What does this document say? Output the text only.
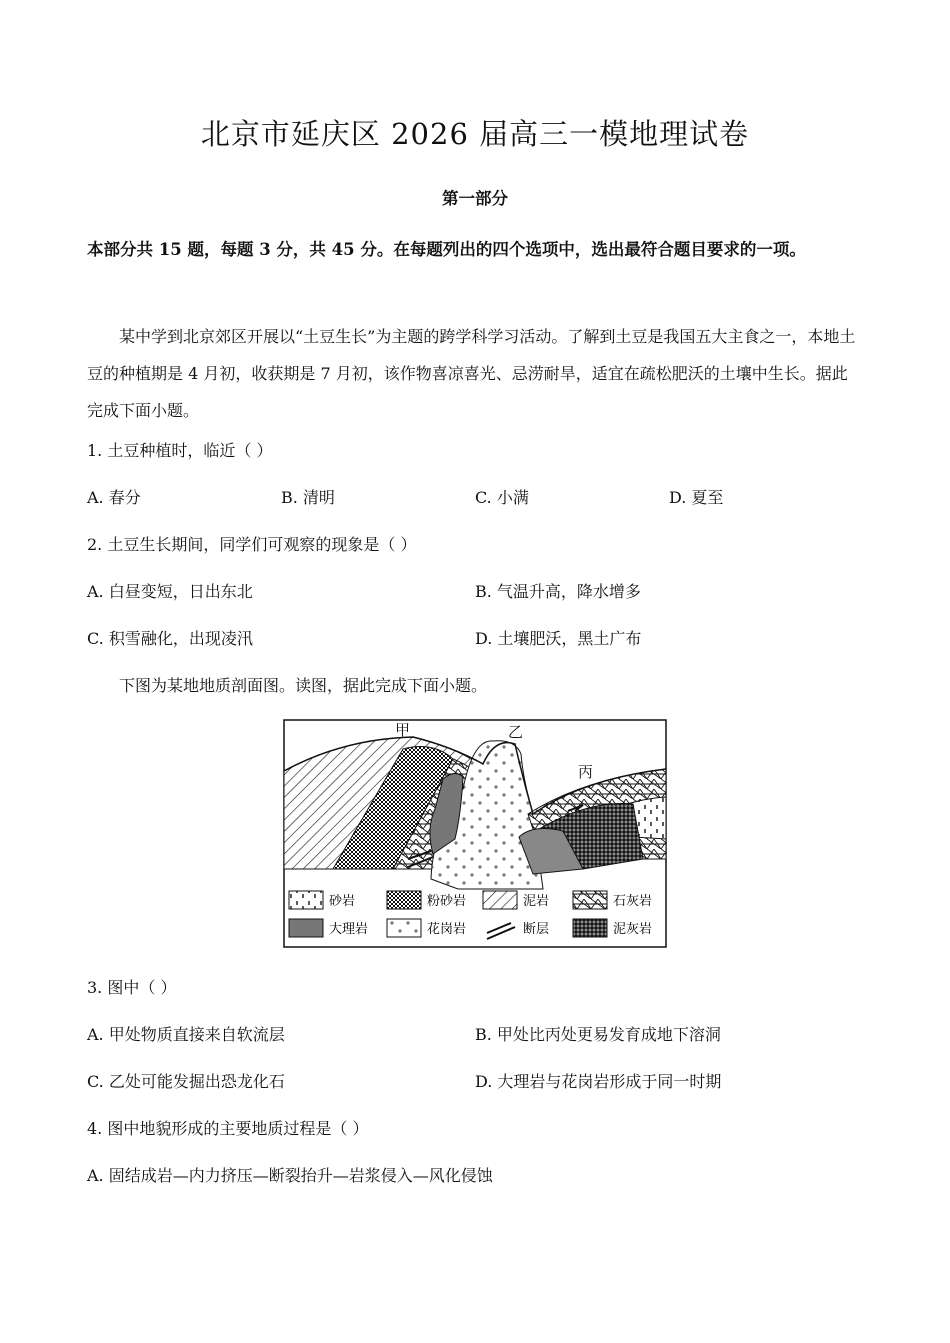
北京市延庆区 2026 届高三一模地理试卷
第一部分
本部分共 15 题，每题 3 分，共 45 分。在每题列出的四个选项中，选出最符合题目要求的一项。
某中学到北京郊区开展以“土豆生长”为主题的跨学科学习活动。了解到土豆是我国五大主食之一，本地土豆的种植期是 4 月初，收获期是 7 月初，该作物喜凉喜光、忌涝耐旱，适宜在疏松肥沃的土壤中生长。据此完成下面小题。
1. 土豆种植时，临近（ ）
A. 春分	B. 清明	C. 小满	D. 夏至
2. 土豆生长期间，同学们可观察的现象是（ ）
A. 白昼变短，日出东北	B. 气温升高，降水增多
C. 积雪融化，出现凌汛	D. 土壤肥沃，黑土广布
下图为某地地质剖面图。读图，据此完成下面小题。
甲	乙
丙
砂岩	粉砂岩	泥岩	石灰岩
大理岩	花岗岩	断层	泥灰岩
3. 图中（ ）
A. 甲处物质直接来自软流层	B. 甲处比丙处更易发育成地下溶洞
C. 乙处可能发掘出恐龙化石	D. 大理岩与花岗岩形成于同一时期
4. 图中地貌形成的主要地质过程是（ ）
A. 固结成岩—内力挤压—断裂抬升—岩浆侵入—风化侵蚀
